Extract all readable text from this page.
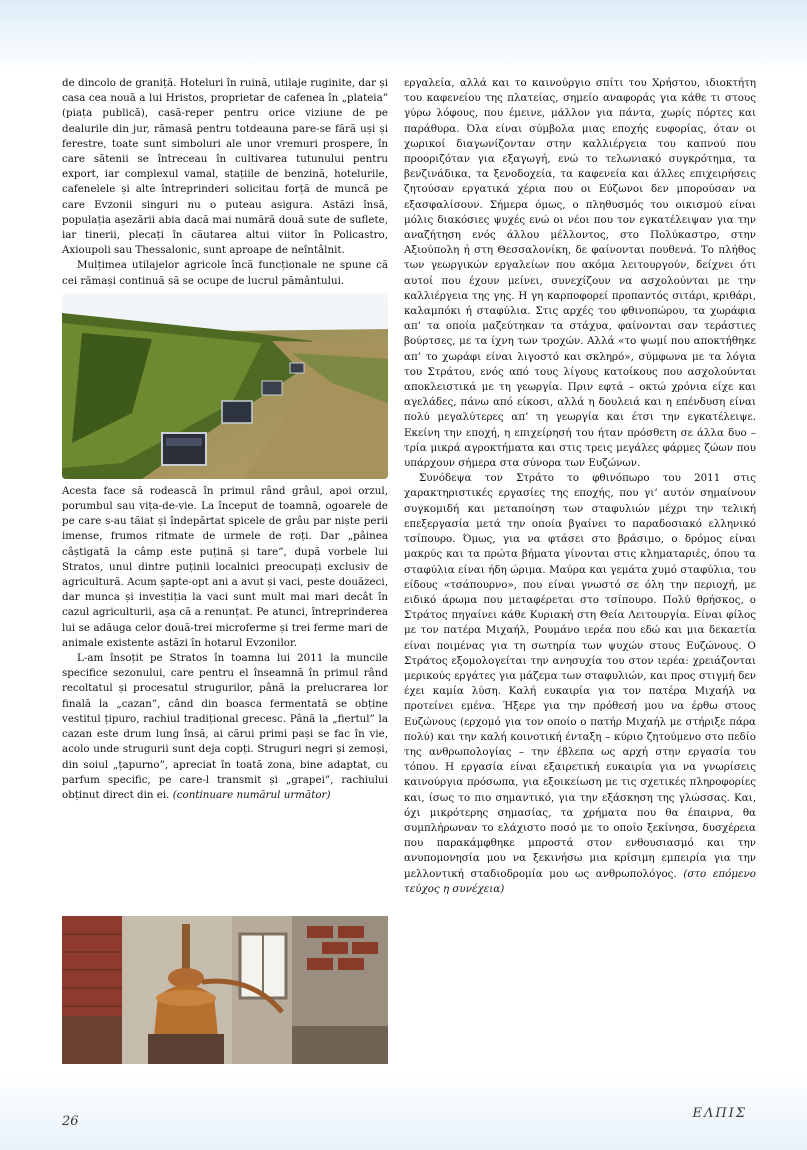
de dincolo de graniță. Hoteluri în ruină, utilaje ruginite, dar și casa cea nouă a lui Hristos, proprietar de cafenea în „plateia” (piața publică), casă-reper pentru orice viziune de pe dealurile din jur, rămasă pentru totdeauna pare-se fără uși și ferestre, toate sunt simboluri ale unor vremuri prospere, în care sătenii se întreceau în cultivarea tutunului pentru export, iar complexul vamal, stațiile de benzină, hotelurile, cafenelele și alte întreprinderi solicitau forță de muncă pe care Evzonii singuri nu o puteau asigura. Astăzi însă, populația așezării abia dacă mai numără două sute de suflete, iar tinerii, plecați în căutarea altui viitor în Policastro, Axioupoli sau Thessalonic, sunt aproape de neîntâlnit.

Mulțimea utilajelor agricole încă funcționale ne spune că cei rămași continuă să se ocupe de lucrul pământului.

Acesta face să rodească în primul rând grâul, apoi orzul, porumbul sau vița-de-vie. La început de toamnă, ogoarele de pe care s-au tăiat și îndepărtat spicele de grâu par niște perii imense, frumos ritmate de urmele de roți. Dar „pâinea câștigată la câmp este puțină și tare”, după vorbele lui Stratos, unul dintre puținii localnici preocupați exclusiv de agricultură. Acum șapte-opt ani a avut și vaci, peste douăzeci, dar munca și investiția la vaci sunt mult mai mari decât în cazul agriculturii, așa că a renunțat. Pe atunci, întreprinderea lui se adăuga celor două-trei microferme și trei ferme mari de animale existente astăzi în hotarul Evzonilor.

L-am însoțit pe Stratos în toamna lui 2011 la muncile specifice sezonului, care pentru el înseamnă în primul rând recoltatul și procesatul strugurilor, până la prelucrarea lor finală la „cazan”, când din boasca fermentată se obține vestitul țipuro, rachiul tradițional grecesc. Până la „fiertul” la cazan este drum lung însă, ai cărui primi pași se fac în vie, acolo unde strugurii sunt deja copți. Struguri negri și zemoși, din soiul „țapurno”, apreciat în toată zona, bine adaptat, cu parfum specific, pe care-l transmit și „grapei”, rachiului obținut direct din ei. (continuare numărul următor)

εργαλεία, αλλά και το καινούργιο σπίτι του Χρήστου, ιδιοκτήτη του καφενείου της πλατείας, σημείο αναφοράς για κάθε τι στους γύρω λόφους, που έμεινε, μάλλον για πάντα, χωρίς πόρτες και παράθυρα. Όλα είναι σύμβολα μιας εποχής ευφορίας, όταν οι χωρικοί διαγωνίζονταν στην καλλιέργεια του καπνού που προοριζόταν για εξαγωγή, ενώ το τελωνιακό συγκρότημα, τα βενζινάδικα, τα ξενοδοχεία, τα καφενεία και άλλες επιχειρήσεις ζητούσαν εργατικά χέρια που οι Εύζωνοι δεν μπορούσαν να εξασφαλίσουν. Σήμερα όμως, ο πληθυσμός του οικισμού είναι μόλις διακόσιες ψυχές ενώ οι νέοι που τον εγκατέλειψαν για την αναζήτηση ενός άλλου μέλλοντος, στο Πολύκαστρο, στην Αξιούπολη ή στη Θεσσαλονίκη, δε φαίνονται πουθενά. Το πλήθος των γεωργικών εργαλείων που ακόμα λειτουργούν, δείχνει ότι αυτοί που έχουν μείνει, συνεχίζουν να ασχολούνται με την καλλιέργεια της γης. Η γη καρποφορεί προπαντός σιτάρι, κριθάρι, καλαμπόκι ή σταφύλια. Στις αρχές του φθινοπώρου, τα χωράφια απ’ τα οποία μαζεύτηκαν τα στάχυα, φαίνονται σαν τεράστιες βούρτσες, με τα ίχνη των τροχών. Αλλά «το ψωμί που αποκτήθηκε απ’ το χωράφι είναι λιγοστό και σκληρό», σύμφωνα με τα λόγια του Στράτου, ενός από τους λίγους κατοίκους που ασχολούνται αποκλειστικά με τη γεωργία. Πριν εφτά – οκτώ χρόνια είχε και αγελάδες, πάνω από είκοσι, αλλά η δουλειά και η επένδυση είναι πολύ μεγαλύτερες απ’ τη γεωργία και έτσι την εγκατέλειψε. Εκείνη την εποχή, η επιχείρησή του ήταν πρόσθετη σε άλλα δυο – τρία μικρά αγροκτήματα και στις τρεις μεγάλες φάρμες ζώων που υπάρχουν σήμερα στα σύνορα των Ευζώνων.

Συνόδεψα τον Στράτο το φθινόπωρο του 2011 στις χαρακτηριστικές εργασίες της εποχής, που γι’ αυτόν σημαίνουν συγκομιδή και μεταποίηση των σταφυλιών μέχρι την τελική επεξεργασία μετά την οποία βγαίνει το παραδοσιακό ελληνικό τσίπουρο. Όμως, για να φτάσει στο βράσιμο, ο δρόμος είναι μακρύς και τα πρώτα βήματα γίνονται στις κληματαριές, όπου τα σταφύλια είναι ήδη ώριμα. Μαύρα και γεμάτα χυμό σταφύλια, του είδους «τσάπουρνο», που είναι γνωστό σε όλη την περιοχή, με ειδικό άρωμα που μεταφέρεται στο τσίπουρο. Πολύ θρήσκος, ο Στράτος πηγαίνει κάθε Κυριακή στη Θεία Λειτουργία. Είναι φίλος με τον πατέρα Μιχαήλ, Ρουμάνο ιερέα που εδώ και μια δεκαετία είναι ποιμένας για τη σωτηρία των ψυχών στους Ευζώνους. Ο Στράτος εξομολογείται την ανησυχία του στον ιερέα: χρειάζονται μερικούς εργάτες για μάζεμα των σταφυλιών, και προς στιγμή δεν έχει καμία λύση. Καλή ευκαιρία για τον πατέρα Μιχαήλ να προτείνει εμένα. Ήξερε για την πρόθεσή μου να έρθω στους Ευζώνους (ερχομό για τον οποίο ο πατήρ Μιχαήλ με στήριξε πάρα πολύ) και την καλή κοινοτική ένταξη – κύριο ζητούμενο στο πεδίο της ανθρωπολογίας – την έβλεπα ως αρχή στην εργασία του τόπου. Η εργασία είναι εξαιρετική ευκαιρία για να γνωρίσεις καινούργια πρόσωπα, για εξοικείωση με τις σχετικές πληροφορίες και, ίσως το πιο σημαντικό, για την εξάσκηση της γλώσσας. Και, όχι μικρότερης σημασίας, τα χρήματα που θα έπαιρνα, θα συμπλήρωναν το ελάχιστο ποσό με το οποίο ξεκίνησα, δυσχέρεια που παρακάμφθηκε μπροστά στον ενθουσιασμό και την ανυπομονησία μου να ξεκινήσω μια κρίσιμη εμπειρία για την μελλοντική σταδιοδρομία μου ως ανθρωπολόγος. (στο επόμενο τεύχος η συνέχεια)

26
ΕΛΠΙΣ
